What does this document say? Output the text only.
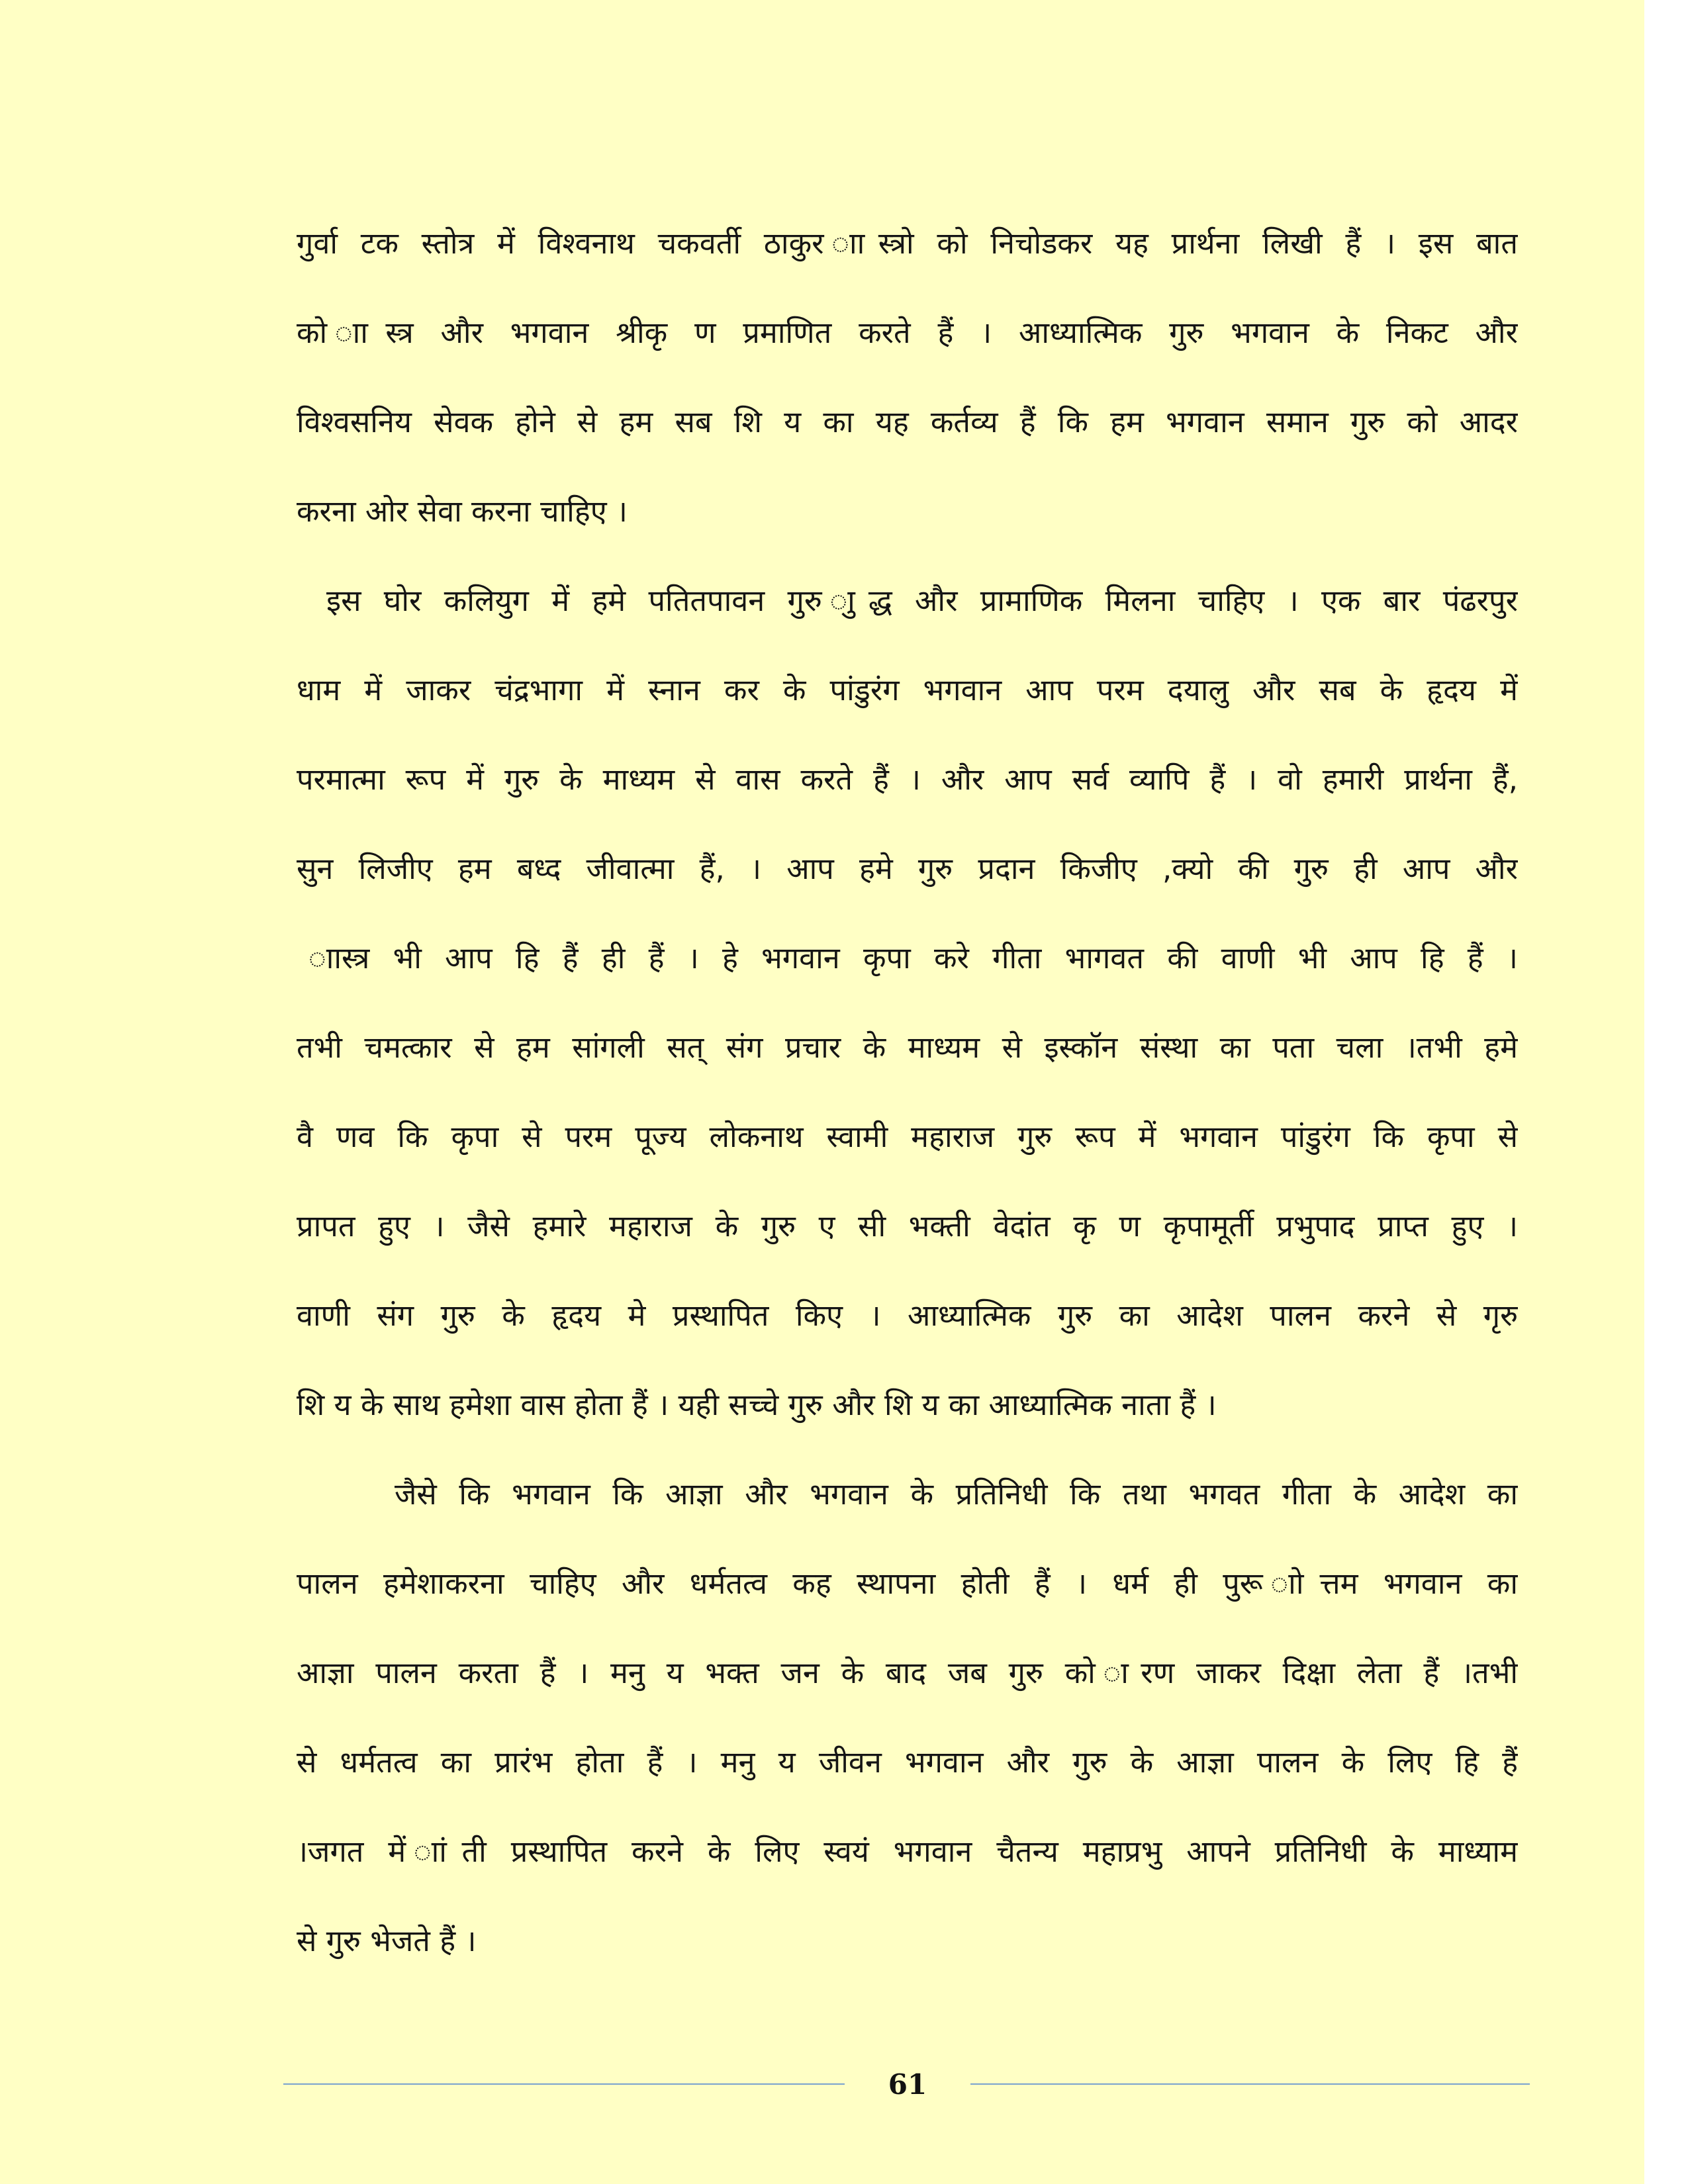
गुर्वा टक स्तोत्र में विश्वनाथ चकवर्ती ठाकुर ाास्त्रो को निचोडकर यह प्रार्थना लिखी हैं । इस बात
को ाास्त्र और भगवान श्रीकृ ण प्रमाणित करते हैं । आध्यात्मिक गुरु भगवान के निकट और
विश्वसनिय सेवक होने से हम सब शि य का यह कर्तव्य हैं कि हम भगवान समान गुरु को आदर
करना ओर सेवा करना चाहिए ।
इस घोर कलियुग में हमे पतितपावन गुरु ाुद्ध और प्रामाणिक मिलना चाहिए । एक बार पंढरपुर
धाम में जाकर चंद्रभागा में स्नान कर के पांडुरंग भगवान आप परम दयालु और सब के हृदय में
परमात्मा रूप में गुरु के माध्यम से वास करते हैं । और आप सर्व व्यापि हैं । वो हमारी प्रार्थना हैं,
सुन लिजीए हम बध्द जीवात्मा हैं, । आप हमे गुरु प्रदान किजीए ,क्यो की गुरु ही आप और
ाास्त्र भी आप हि हैं ही हैं । हे भगवान कृपा करे गीता भागवत की वाणी भी आप हि हैं ।
तभी चमत्कार से हम सांगली सत् संग प्रचार के माध्यम से इस्कॉन संस्था का पता चला ।तभी हमे
वै णव कि कृपा से परम पूज्य लोकनाथ स्वामी महाराज गुरु रूप में भगवान पांडुरंग कि कृपा से
प्रापत हुए । जैसे हमारे महाराज के गुरु ए सी भक्ती वेदांत कृ ण कृपामूर्ती प्रभुपाद प्राप्त हुए ।
वाणी संग गुरु के हृदय मे प्रस्थापित किए । आध्यात्मिक गुरु का आदेश पालन करने से गृरु
शि य के साथ हमेशा वास होता हैं । यही सच्चे गुरु और शि य का आध्यात्मिक नाता हैं ।
जैसे कि भगवान कि आज्ञा और भगवान के प्रतिनिधी कि तथा भगवत गीता के आदेश का
पालन हमेशाकरना चाहिए और धर्मतत्व कह स्थापना होती हैं । धर्म ही पुरू ाोत्तम भगवान का
आज्ञा पालन करता हैं । मनु य भक्त जन के बाद जब गुरु को ारण जाकर दिक्षा लेता हैं ।तभी
से धर्मतत्व का प्रारंभ होता हैं । मनु य जीवन भगवान और गुरु के आज्ञा पालन के लिए हि हैं
।जगत में ाांती प्रस्थापित करने के लिए स्वयं भगवान चैतन्य महाप्रभु आपने प्रतिनिधी के माध्याम
से गुरु भेजते हैं ।
61
